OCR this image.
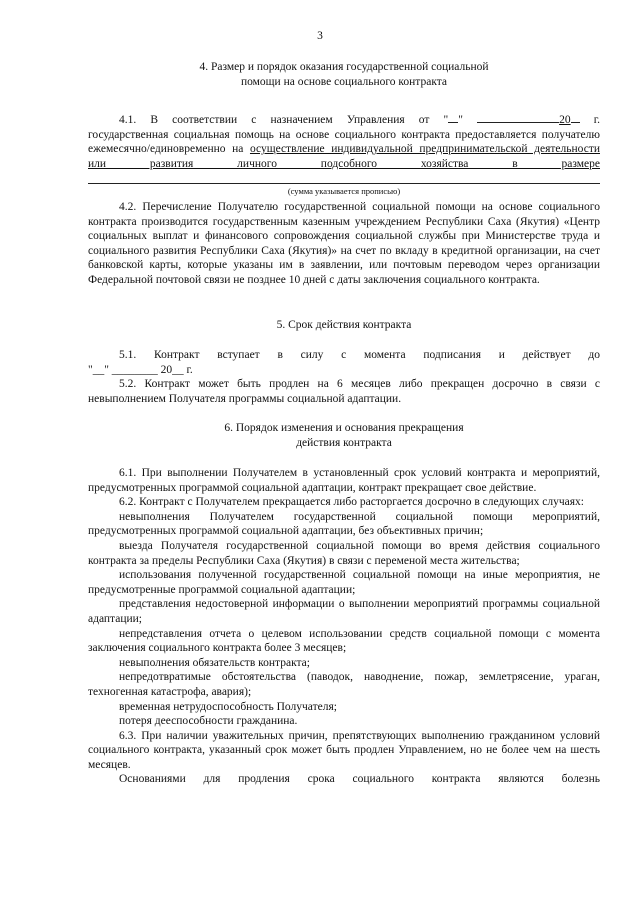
3
4. Размер и порядок оказания государственной социальной
помощи на основе социального контракта

4.1. В соответствии с назначением Управления от " "	20 г.

государственная социальная помощь на основе социального контракта предоставляется получателю ежемесячно/единовременно на осуществление индивидуальной предпринимательской деятельности или развития личного подсобного хозяйства в размере

(сумма указывается прописью)

4.2. Перечисление Получателю государственной социальной помощи на основе социального контракта производится государственным казенным учреждением Республики Саха (Якутия) «Центр социальных выплат и финансового сопровождения социальной службы при Министерстве труда и социального развития Республики Саха (Якутия)» на счет по вкладу в кредитной организации, на счет банковской карты, которые указаны им в заявлении, или почтовым переводом через организации Федеральной почтовой связи не позднее 10 дней с даты заключения социального контракта.

5. Срок действия контракта

5.1. Контракт вступает в силу с момента подписания и действует до

"__" ________ 20__ г.

5.2. Контракт может быть продлен на 6 месяцев либо прекращен досрочно в связи с невыполнением Получателя программы социальной адаптации.

6. Порядок изменения и основания прекращения
действия контракта

6.1. При выполнении Получателем в установленный срок условий контракта и мероприятий, предусмотренных программой социальной адаптации, контракт прекращает свое действие.

6.2. Контракт с Получателем прекращается либо расторгается досрочно в следующих случаях:

невыполнения Получателем государственной социальной помощи мероприятий, предусмотренных программой социальной адаптации, без объективных причин;

выезда Получателя государственной социальной помощи во время действия социального контракта за пределы Республики Саха (Якутия) в связи с переменой места жительства;

использования полученной государственной социальной помощи на иные мероприятия, не предусмотренные программой социальной адаптации;

представления недостоверной информации о выполнении мероприятий программы социальной адаптации;

непредставления отчета о целевом использовании средств социальной помощи с момента заключения социального контракта более 3 месяцев;

невыполнения обязательств контракта;

непредотвратимые обстоятельства (паводок, наводнение, пожар, землетрясение, ураган, техногенная катастрофа, авария);

временная нетрудоспособность Получателя;

потеря дееспособности гражданина.

6.3. При наличии уважительных причин, препятствующих выполнению гражданином условий социального контракта, указанный срок может быть продлен Управлением, но не более чем на шесть месяцев.

Основаниями для продления срока социального контракта являются болезнь
